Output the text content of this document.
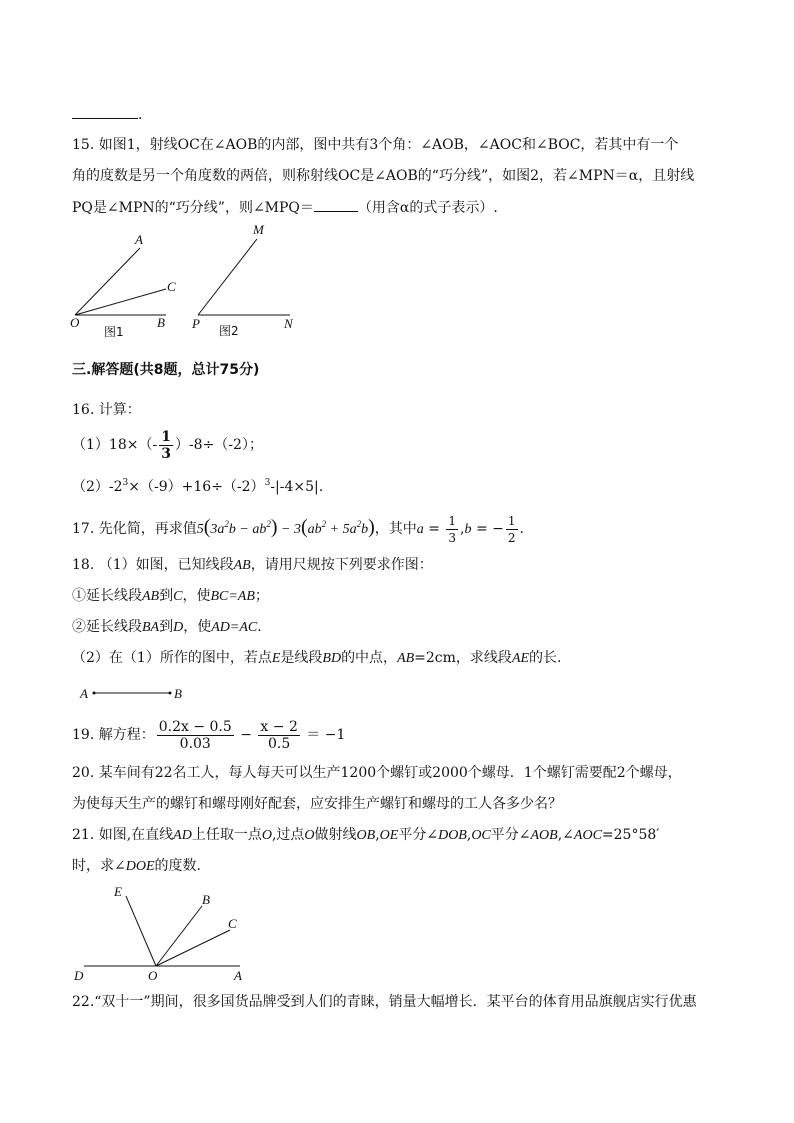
.
15. 如图1，射线OC在∠AOB的内部，图中共有3个角：∠AOB，∠AOC和∠BOC，若其中有一个
角的度数是另一个角度数的两倍，则称射线OC是∠AOB的“巧分线”，如图2，若∠MPN＝α，且射线
PQ是∠MPN的“巧分线”，则∠MPQ＝	（用含α的式子表示）.
A
C
O	B
图1
M
P	N
图2
三.解答题(共8题，总计75分)
16. 计算：
$(1)18\times(- \frac{1}{3} )-8\div(-2)$；
$(2)-2^3\times(-9)+16\div(-2)^3-|-4\times 5|$.
17. 先化简，再求值$5(3a^2b - ab^2) - 3(ab^2 + 5a^2b)$，其中$a = \frac{1}{3} ,b$ = − $\frac{1}{2}$ .
18. （1）如图，已知线段AB，请用尺规按下列要求作图：
①延长线段AB到C，使BC=AB；
②延长线段BA到D，使AD=AC.
（2）在（1）所作的图中，若点E是线段BD的中点，AB=2cm，求线段AE的长.
A	B
19. 解方程： $\frac{0.2x - 0.5}{0.03} - \frac{x - 2}{0.5} = -1$
20. 某车间有22名工人，每人每天可以生产1200个螺钉或2000个螺母．1个螺钉需要配2个螺母，
为使每天生产的螺钉和螺母刚好配套，应安排生产螺钉和螺母的工人各多少名？
21. 如图,在直线AD上任取一点O,过点O做射线OB,OE平分∠DOB,OC平分∠AOB,∠AOC=25°58′
时，求∠DOE的度数.
E
B
C
D	O	A
22.“双十一”期间，很多国货品牌受到人们的青睐，销量大幅增长．某平台的体育用品旗舰店实行优惠
